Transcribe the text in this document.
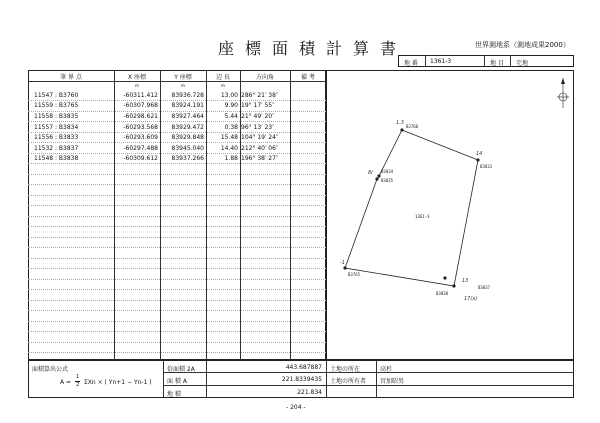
座標面積計算書	世界測地系（測地成果2000）
地 番 1361-3	地 目 宅地
筆 界 点	X 座標	Y 座標	辺 長	方向角	備 考
m	m	m
11547 : B3760	-60311.412	83936.728	13.00 286° 21′ 38″
11559 : B3765	-60307.968	83924.191	9.90 19° 17′ 55″
11558 : B3835	-60298.621	83927.464	5.44 21° 49′ 20″
11557 : B3834	-60293.568	83929.472	0.38 96° 13′ 23″
11556 : B3833	-60293.609	83929.848	15.48 104° 19′ 24″
11532 : B3837	-60297.488	83945.040	14.40 212° 40′ 06″
11548 : B3838	-60309.612	83937.266	1.88 196° 38′ 27″
B3760
B3765
B3835
B3834
B3833
B3837
B3838
1361-3
1.3
14
-1
8(
13
17(x)
面積算出公式
A =
1
2 ΣXn × ( Yn+1 − Yn-1 )
倍面積 2A	443.687887
面 積 A	221.8339435
地 積	221.834
土地の所在	高杉
土地の所有者 宮加昭男
- 204 -
